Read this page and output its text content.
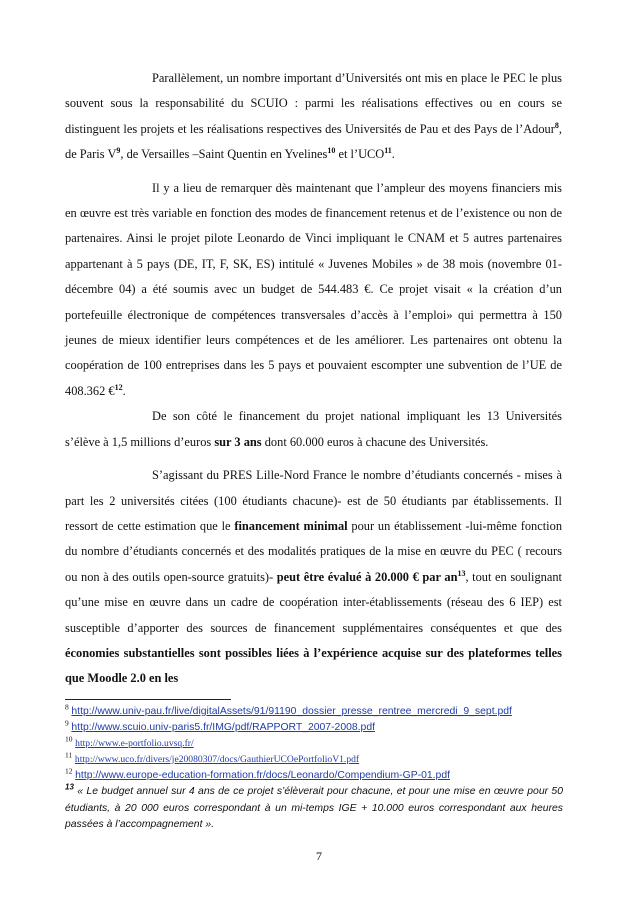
Parallèlement, un nombre important d’Universités ont mis en place le PEC le plus souvent sous la responsabilité du SCUIO : parmi les réalisations effectives ou en cours se distinguent les projets et les réalisations respectives des Universités de Pau et des Pays de l’Adour$^8$, de Paris $V^9$, de Versailles –Saint Quentin en Yvelines$^{10}$ et l’UCO$^{11}$.

Il y a lieu de remarquer dès maintenant que l’ampleur des moyens financiers mis en œuvre est très variable en fonction des modes de financement retenus et de l’existence ou non de partenaires. Ainsi le projet pilote Leonardo de Vinci impliquant le CNAM et 5 autres partenaires appartenant à 5 pays (DE, IT, F, SK, ES) intitulé « Juvenes Mobiles » de 38 mois (novembre 01- décembre 04) a été soumis avec un budget de 544.483 €. Ce projet visait « la création d’un portefeuille électronique de compétences transversales d’accès à l’emploi» qui permettra à 150 jeunes de mieux identifier leurs compétences et de les améliorer. Les partenaires ont obtenu la coopération de 100 entreprises dans les 5 pays et pouvaient escompter une subvention de l’UE de 408.362 €$^{12}$.

De son côté le financement du projet national impliquant les 13 Universités s’élève à 1,5 millions d’euros sur 3 ans dont 60.000 euros à chacune des Universités.

S’agissant du PRES Lille-Nord France le nombre d’étudiants concernés - mises à part les 2 universités citées (100 étudiants chacune)- est de 50 étudiants par établissements. Il ressort de cette estimation que le financement minimal pour un établissement -lui-même fonction du nombre d’étudiants concernés et des modalités pratiques de la mise en œuvre du PEC ( recours ou non à des outils open-source gratuits)- peut être évalué à 20.000 € par $an^{13}$, tout en soulignant qu’une mise en œuvre dans un cadre de coopération inter-établissements (réseau des 6 IEP) est susceptible d’apporter des sources de financement supplémentaires conséquentes et que des économies substantielles sont possibles liées à l’expérience acquise sur des plateformes telles que Moodle 2.0 en les

$^8$ http://www.univ-pau.fr/live/digitalAssets/91/91190_dossier_presse_rentree_mercredi_9_sept.pdf

$^9$ http://www.scuio.univ-paris5.fr/IMG/pdf/RAPPORT_2007-2008.pdf

$^{10}$ http://www.e-portfolio.uvsq.fr/

$^{11}$ http://www.uco.fr/divers/je20080307/docs/GauthierUCOePortfolioV1.pdf

$^{12}$ http://www.europe-education-formation.fr/docs/Leonardo/Compendium-GP-01.pdf

$^{13}$ « Le budget annuel sur 4 ans de ce projet s’élèverait pour chacune, et pour une mise en œuvre pour 50 étudiants, à 20 000 euros correspondant à un mi-temps IGE + 10.000 euros correspondant aux heures passées à l’accompagnement ».

7
